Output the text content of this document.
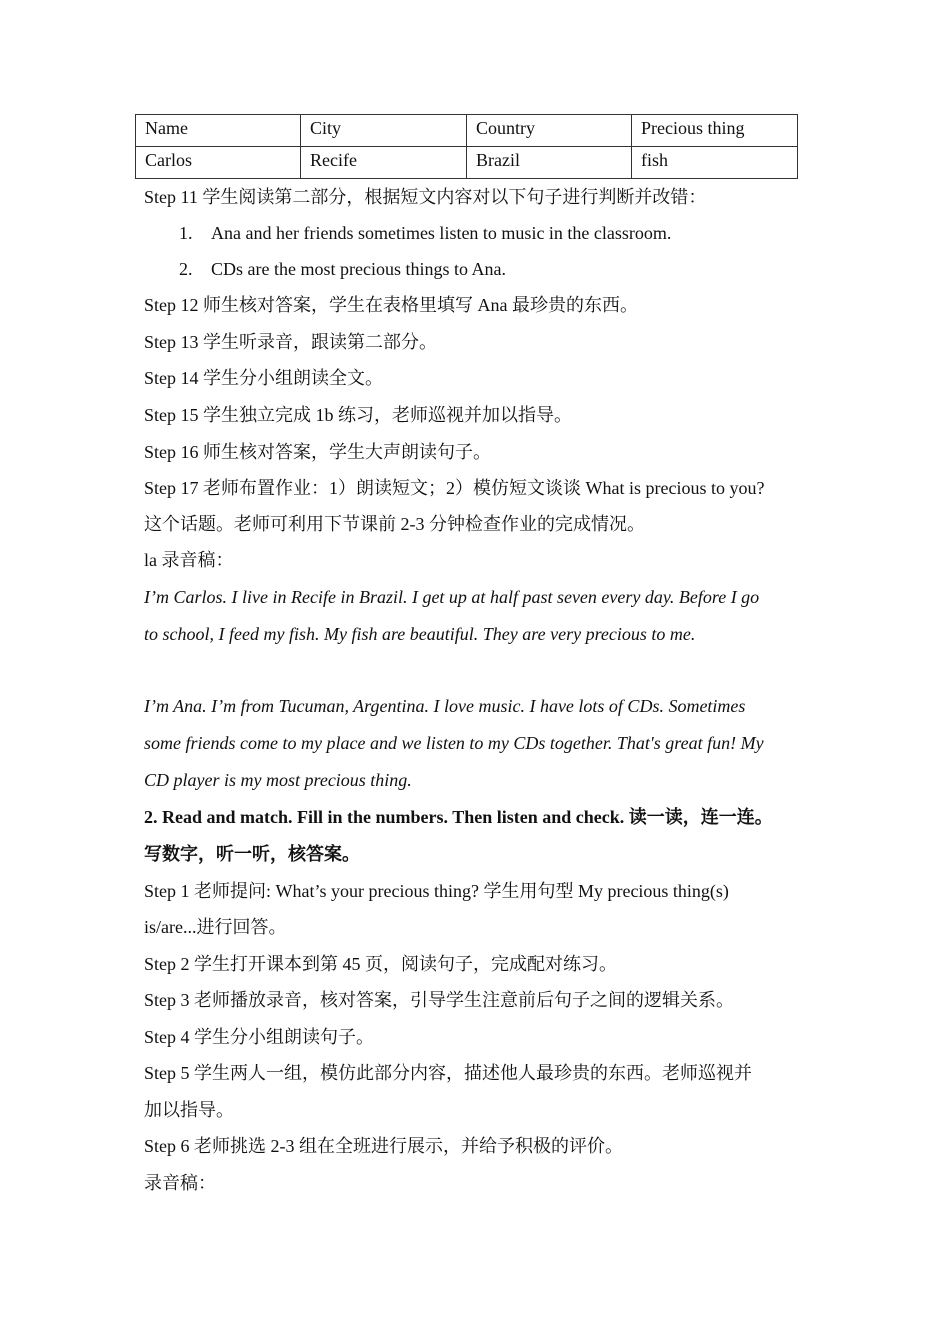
Name	City	Country	Precious thing

Carlos	Recife	Brazil	fish

Step 11 学生阅读第二部分，根据短文内容对以下句子进行判断并改错：

1. Ana and her friends sometimes listen to music in the classroom.

2. CDs are the most precious things to Ana.

Step 12 师生核对答案，学生在表格里填写 Ana 最珍贵的东西。

Step 13 学生听录音，跟读第二部分。

Step 14 学生分小组朗读全文。

Step 15 学生独立完成 1b 练习，老师巡视并加以指导。

Step 16 师生核对答案，学生大声朗读句子。

Step 17 老师布置作业：1）朗读短文；2）模仿短文谈谈 What is precious to you?

这个话题。老师可利用下节课前 2-3 分钟检查作业的完成情况。

la 录音稿：

I’m Carlos. I live in Recife in Brazil. I get up at half past seven every day. Before I go

to school, I feed my fish. My fish are beautiful. They are very precious to me.

I’m Ana. I’m from Tucuman, Argentina. I love music. I have lots of CDs. Sometimes

some friends come to my place and we listen to my CDs together. That's great fun! My

CD player is my most precious thing.

2. Read and match. Fill in the numbers. Then listen and check. 读一读，连一连。

写数字，听一听，核答案。

Step 1 老师提问: What’s your precious thing? 学生用句型 My precious thing(s)

is/are...进行回答。

Step 2 学生打开课本到第 45 页，阅读句子，完成配对练习。

Step 3 老师播放录音，核对答案，引导学生注意前后句子之间的逻辑关系。

Step 4 学生分小组朗读句子。

Step 5 学生两人一组，模仿此部分内容，描述他人最珍贵的东西。老师巡视并

加以指导。

Step 6 老师挑选 2-3 组在全班进行展示，并给予积极的评价。

录音稿：
